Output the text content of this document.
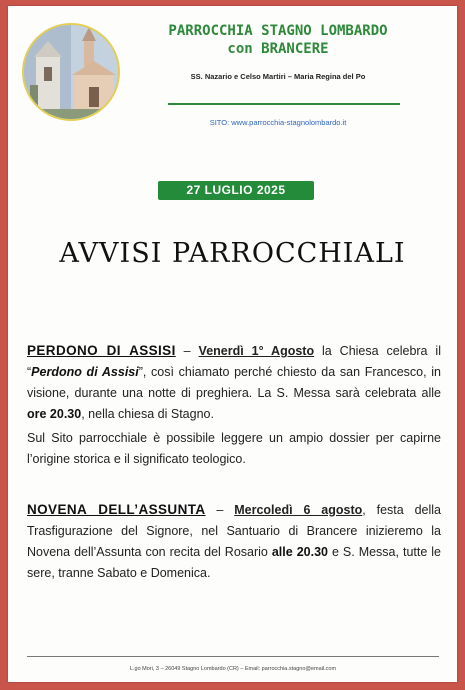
PARROCCHIA STAGNO LOMBARDO
con BRANCERE
SS. Nazario e Celso Martiri – Maria Regina del Po
SITO: www.parrocchia-stagnolombardo.it
27 LUGLIO 2025
AVVISI PARROCCHIALI
PERDONO DI ASSISI – Venerdì 1° Agosto la Chiesa celebra il “Perdono di Assisi”, così chiamato perché chiesto da san Francesco, in visione, durante una notte di preghiera. La S. Messa sarà celebrata alle ore 20.30, nella chiesa di Stagno.
Sul Sito parrocchiale è possibile leggere un ampio dossier per capirne l’origine storica e il significato teologico.
NOVENA DELL’ASSUNTA – Mercoledì 6 agosto, festa della Trasfigurazione del Signore, nel Santuario di Brancere inizieremo la Novena dell’Assunta con recita del Rosario alle 20.30 e S. Messa, tutte le sere, tranne Sabato e Domenica.
L.go Mori, 3 – 26049 Stagno Lombardo (CR) – Email: parrocchia.stagno@email.com
